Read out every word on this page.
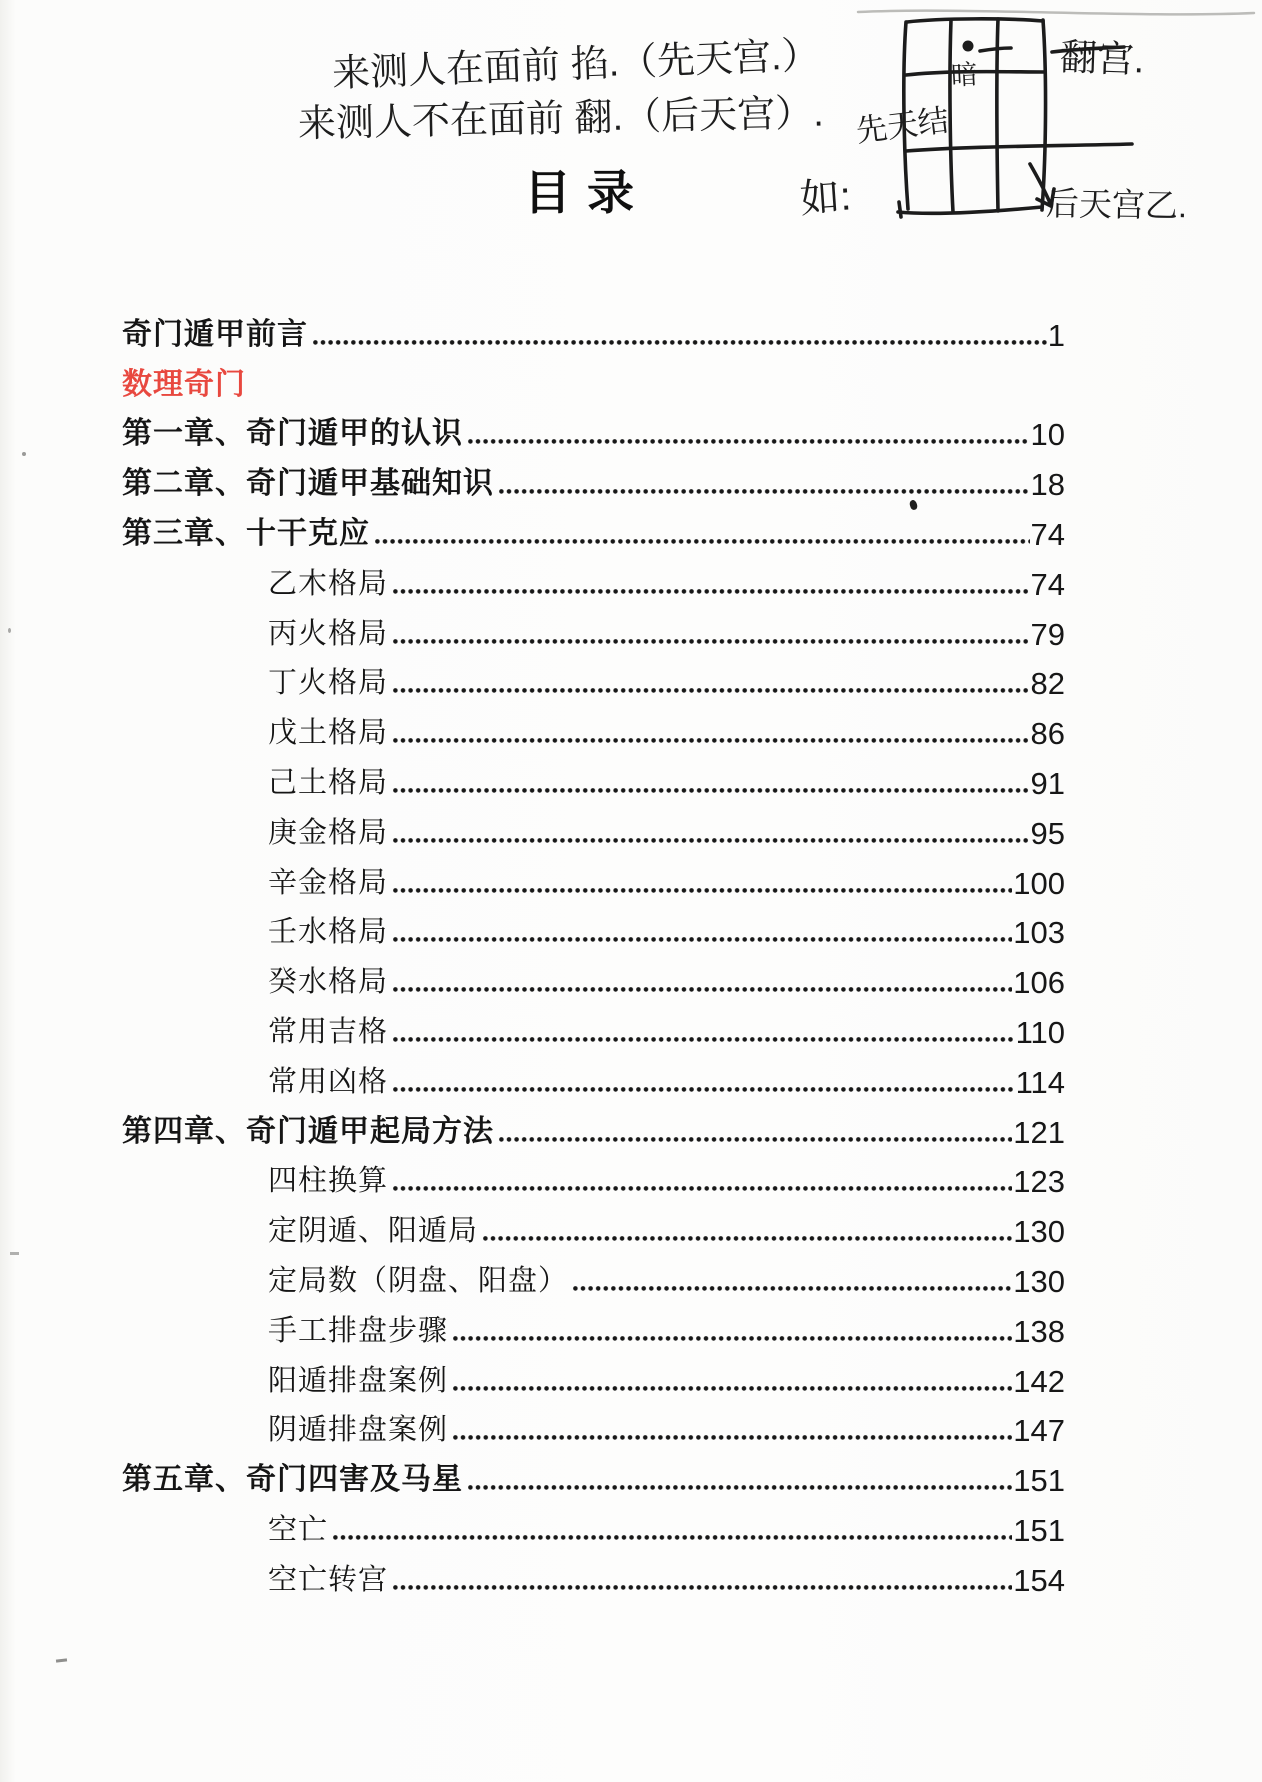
来测人在面前 掐.（先天宫.）
来测人不在面前 翻.（后天宫）.
如:
先天结
翻宫.
后天宫乙.
暗
目录
奇门遁甲前言	1
数理奇门
第一章、奇门遁甲的认识	10
第二章、奇门遁甲基础知识	18
第三章、十干克应	74
乙木格局	74
丙火格局	79
丁火格局	82
戊土格局	86
己土格局	91
庚金格局	95
辛金格局	100
壬水格局	103
癸水格局	106
常用吉格	110
常用凶格	114
第四章、奇门遁甲起局方法	121
四柱换算	123
定阴遁、阳遁局	130
定局数（阴盘、阳盘）	130
手工排盘步骤	138
阳遁排盘案例	142
阴遁排盘案例	147
第五章、奇门四害及马星	151
空亡	151
空亡转宫	154
